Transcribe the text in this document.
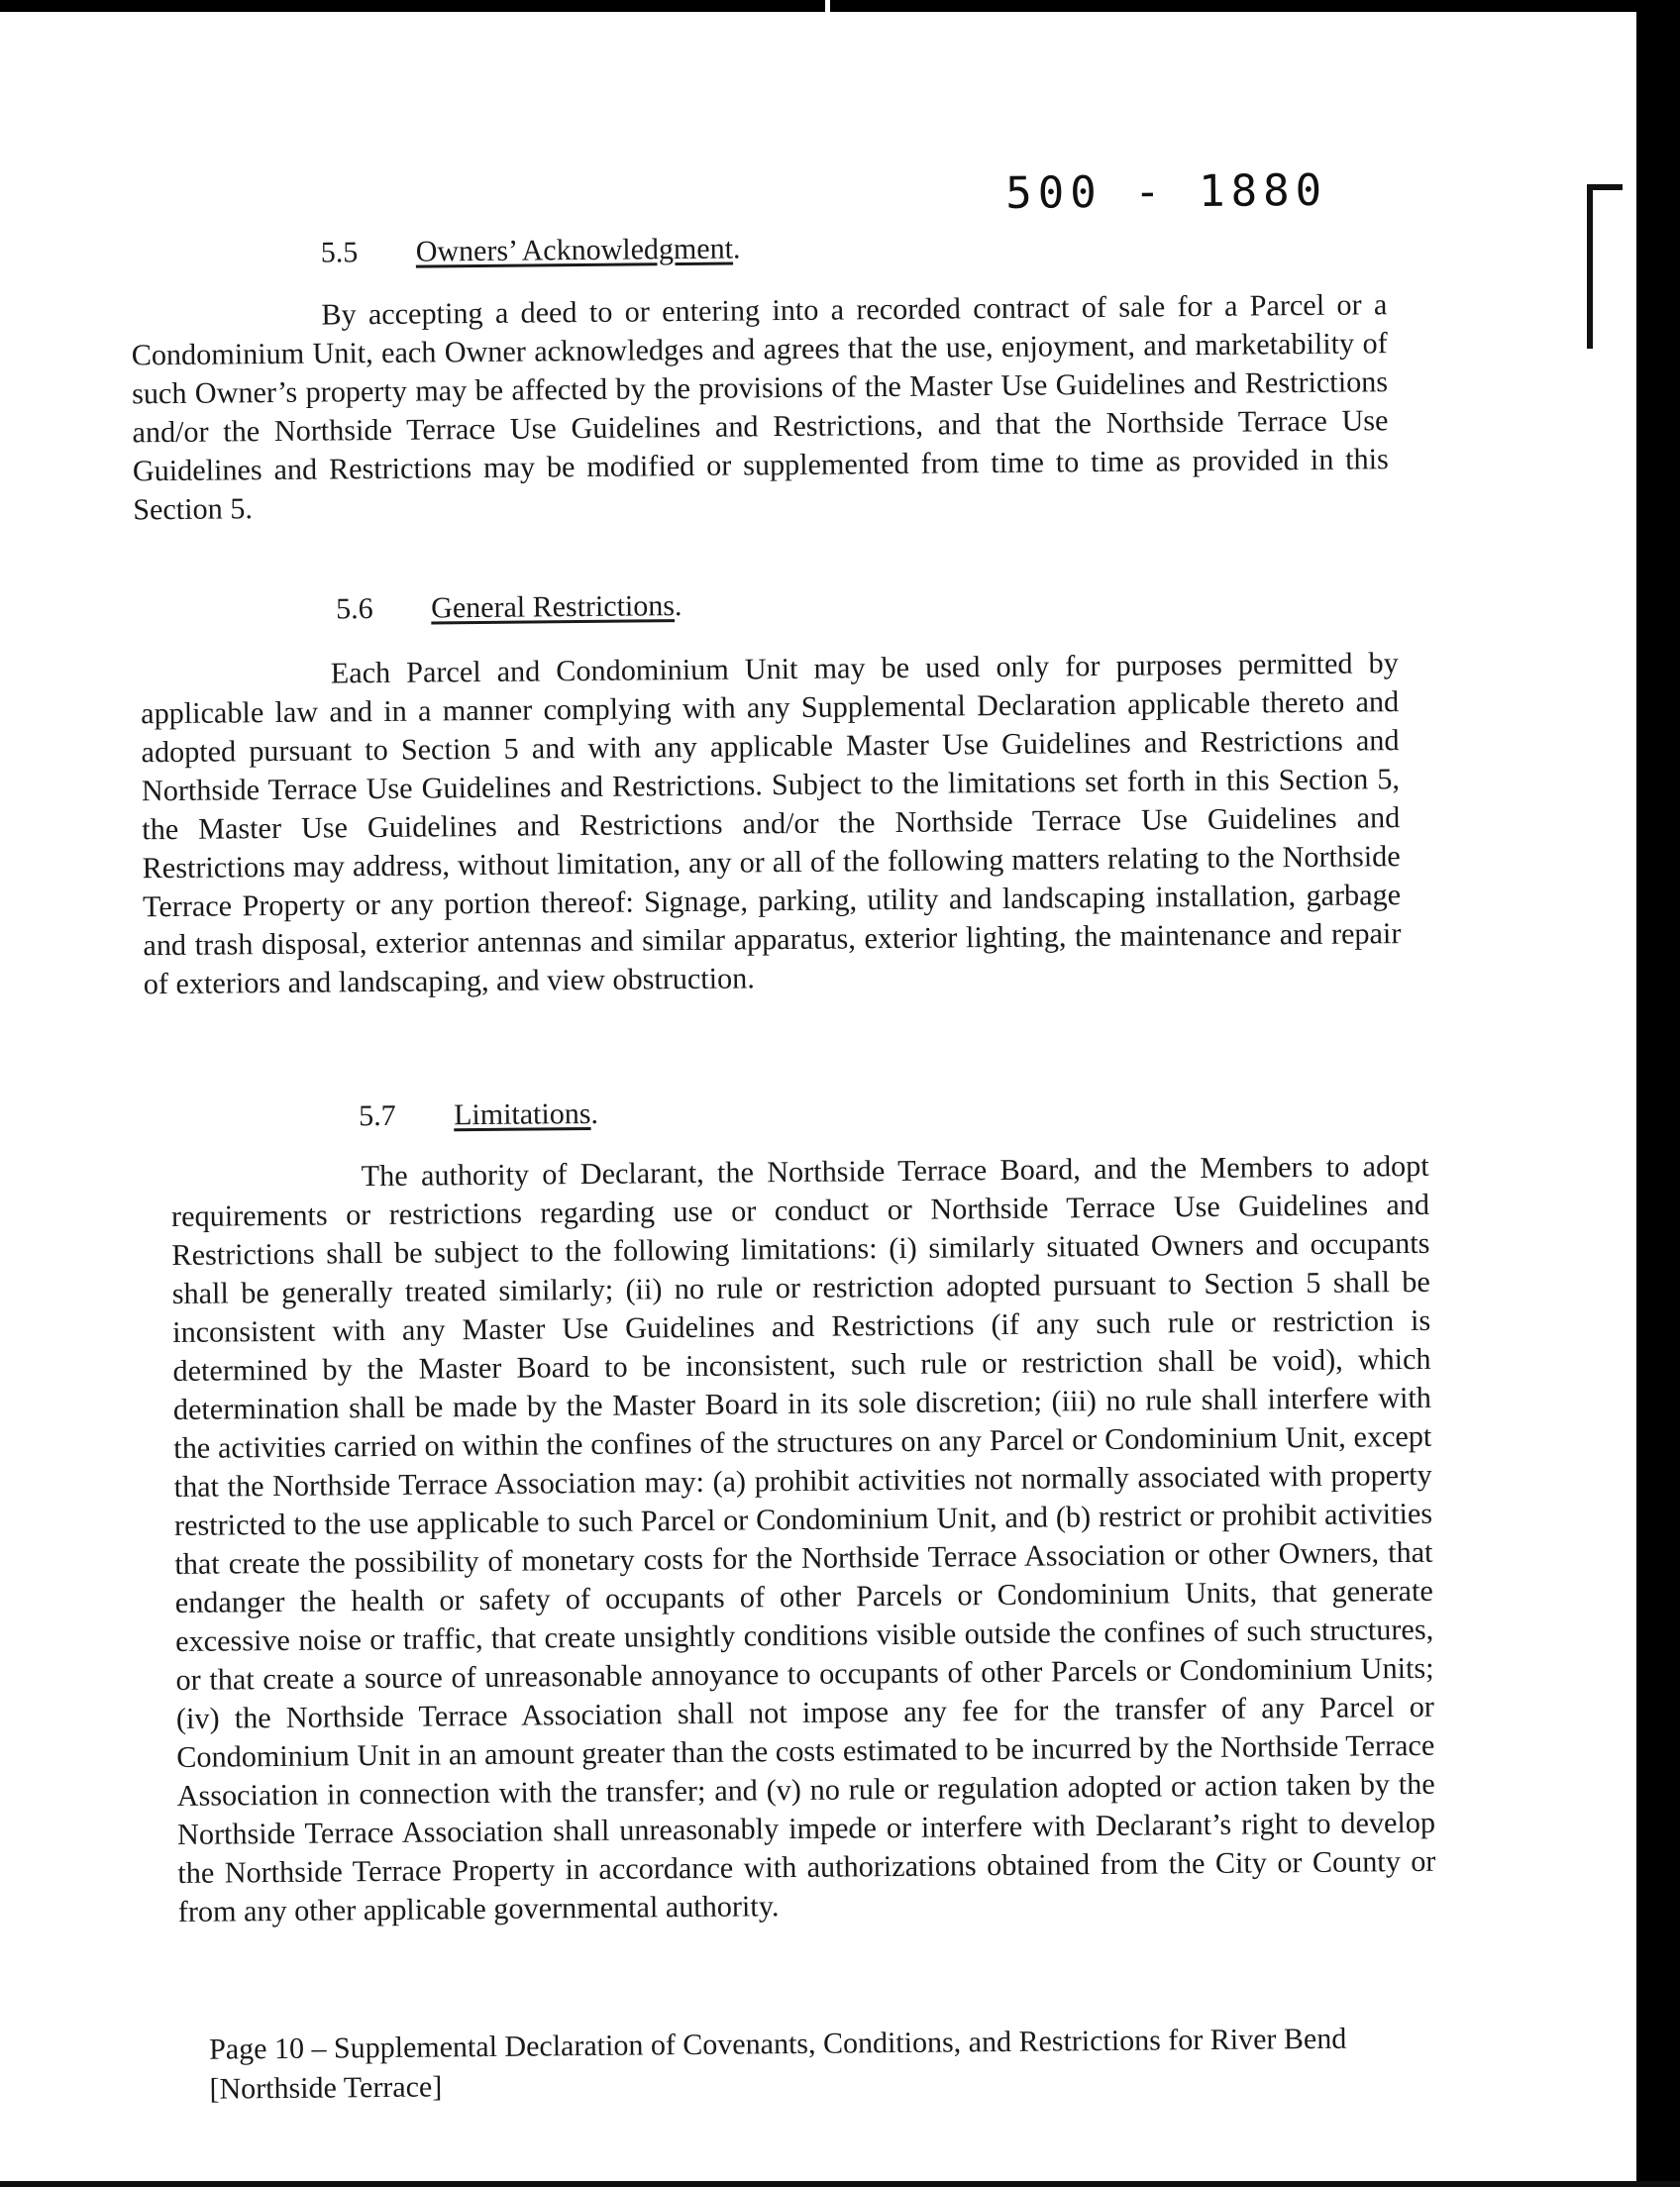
500 - 1880
5.5 Owners’ Acknowledgment.

By accepting a deed to or entering into a recorded contract of sale for a Parcel or a Condominium Unit, each Owner acknowledges and agrees that the use, enjoyment, and marketability of such Owner’s property may be affected by the provisions of the Master Use Guidelines and Restrictions and/or the Northside Terrace Use Guidelines and Restrictions, and that the Northside Terrace Use Guidelines and Restrictions may be modified or supplemented from time to time as provided in this Section 5.

5.6 General Restrictions.

Each Parcel and Condominium Unit may be used only for purposes permitted by applicable law and in a manner complying with any Supplemental Declaration applicable thereto and adopted pursuant to Section 5 and with any applicable Master Use Guidelines and Restrictions and Northside Terrace Use Guidelines and Restrictions. Subject to the limitations set forth in this Section 5, the Master Use Guidelines and Restrictions and/or the Northside Terrace Use Guidelines and Restrictions may address, without limitation, any or all of the following matters relating to the Northside Terrace Property or any portion thereof: Signage, parking, utility and landscaping installation, garbage and trash disposal, exterior antennas and similar apparatus, exterior lighting, the maintenance and repair of exteriors and landscaping, and view obstruction.

5.7 Limitations.

The authority of Declarant, the Northside Terrace Board, and the Members to adopt requirements or restrictions regarding use or conduct or Northside Terrace Use Guidelines and Restrictions shall be subject to the following limitations: (i) similarly situated Owners and occupants shall be generally treated similarly; (ii) no rule or restriction adopted pursuant to Section 5 shall be inconsistent with any Master Use Guidelines and Restrictions (if any such rule or restriction is determined by the Master Board to be inconsistent, such rule or restriction shall be void), which determination shall be made by the Master Board in its sole discretion; (iii) no rule shall interfere with the activities carried on within the confines of the structures on any Parcel or Condominium Unit, except that the Northside Terrace Association may: (a) prohibit activities not normally associated with property restricted to the use applicable to such Parcel or Condominium Unit, and (b) restrict or prohibit activities that create the possibility of monetary costs for the Northside Terrace Association or other Owners, that endanger the health or safety of occupants of other Parcels or Condominium Units, that generate excessive noise or traffic, that create unsightly conditions visible outside the confines of such structures, or that create a source of unreasonable annoyance to occupants of other Parcels or Condominium Units; (iv) the Northside Terrace Association shall not impose any fee for the transfer of any Parcel or Condominium Unit in an amount greater than the costs estimated to be incurred by the Northside Terrace Association in connection with the transfer; and (v) no rule or regulation adopted or action taken by the Northside Terrace Association shall unreasonably impede or interfere with Declarant’s right to develop the Northside Terrace Property in accordance with authorizations obtained from the City or County or from any other applicable governmental authority.

Page 10 – Supplemental Declaration of Covenants, Conditions, and Restrictions for River Bend
[Northside Terrace]
